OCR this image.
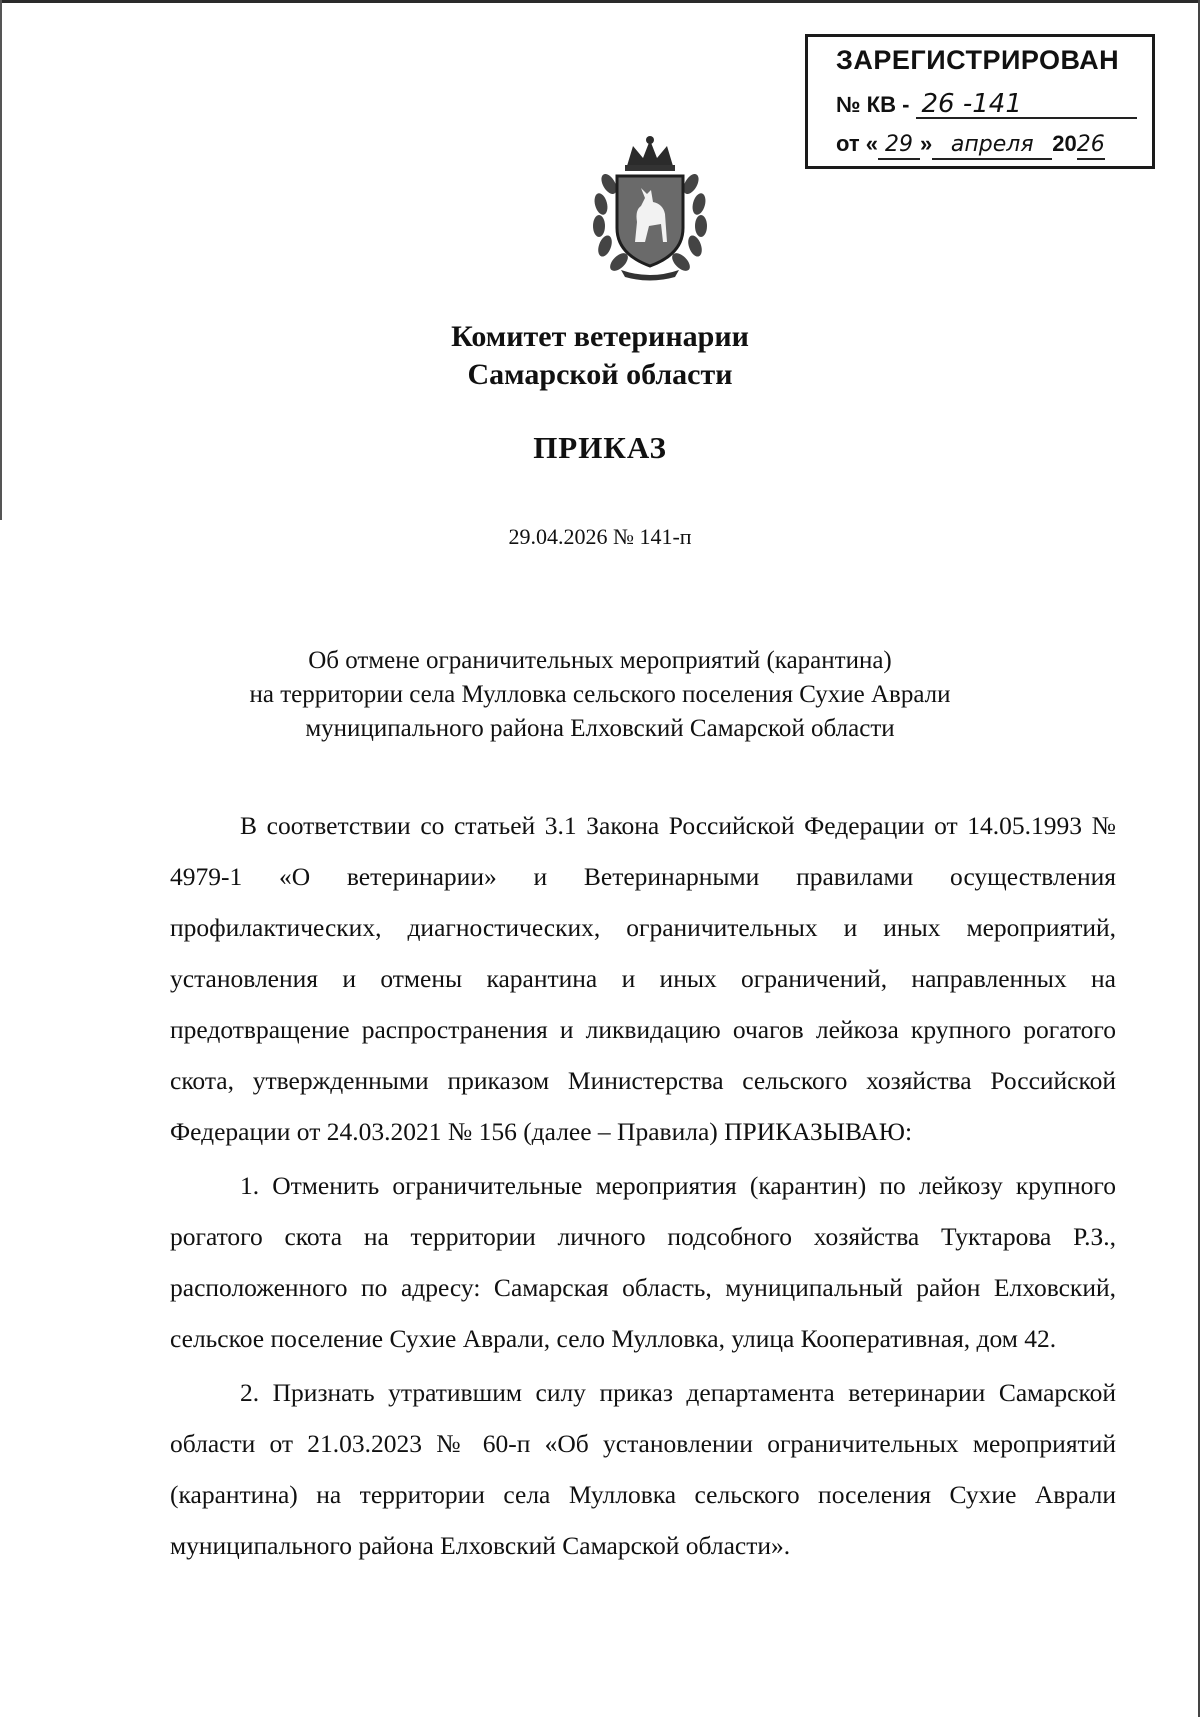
ЗАРЕГИСТРИРОВАН
№ КВ - 26 -141
от « 29 » апреля 2026
Комитет ветеринарии
Самарской области
ПРИКАЗ
29.04.2026 № 141-п
Об отмене ограничительных мероприятий (карантина)
на территории села Мулловка сельского поселения Сухие Аврали
муниципального района Елховский Самарской области

В соответствии со статьей 3.1 Закона Российской Федерации от 14.05.1993 № 4979-1 «О ветеринарии» и Ветеринарными правилами осуществления профилактических, диагностических, ограничительных и иных мероприятий, установления и отмены карантина и иных ограничений, направленных на предотвращение распространения и ликвидацию очагов лейкоза крупного рогатого скота, утвержденными приказом Министерства сельского хозяйства Российской Федерации от 24.03.2021 № 156 (далее – Правила) ПРИКАЗЫВАЮ:

1. Отменить ограничительные мероприятия (карантин) по лейкозу крупного рогатого скота на территории личного подсобного хозяйства Туктарова Р.З., расположенного по адресу: Самарская область, муниципальный район Елховский, сельское поселение Сухие Аврали, село Мулловка, улица Кооперативная, дом 42.

2. Признать утратившим силу приказ департамента ветеринарии Самарской области от 21.03.2023 № 60-п «Об установлении ограничительных мероприятий (карантина) на территории села Мулловка сельского поселения Сухие Аврали муниципального района Елховский Самарской области».
